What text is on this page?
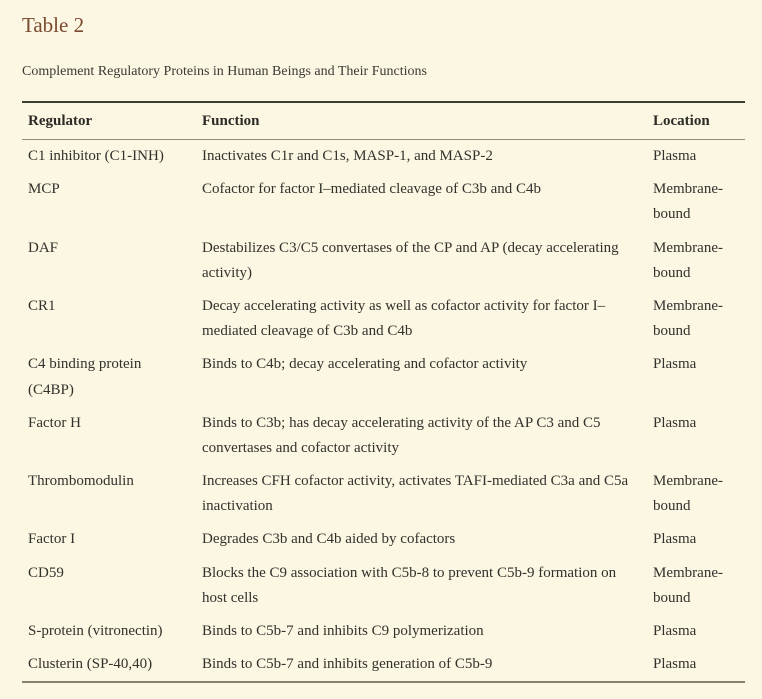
Table 2

Complement Regulatory Proteins in Human Beings and Their Functions

Regulator	Function	Location
C1 inhibitor (C1-INH)	Inactivates C1r and C1s, MASP-1, and MASP-2	Plasma
MCP	Cofactor for factor I–mediated cleavage of C3b and C4b	Membrane-bound
DAF	Destabilizes C3/C5 convertases of the CP and AP (decay accelerating activity)	Membrane-bound
CR1	Decay accelerating activity as well as cofactor activity for factor I–mediated cleavage of C3b and C4b	Membrane-bound
C4 binding protein (C4BP)	Binds to C4b; decay accelerating and cofactor activity	Plasma
Factor H	Binds to C3b; has decay accelerating activity of the AP C3 and C5 convertases and cofactor activity	Plasma
Thrombomodulin	Increases CFH cofactor activity, activates TAFI-mediated C3a and C5a inactivation	Membrane-bound
Factor I	Degrades C3b and C4b aided by cofactors	Plasma
CD59	Blocks the C9 association with C5b-8 to prevent C5b-9 formation on host cells	Membrane-bound
S-protein (vitronectin)	Binds to C5b-7 and inhibits C9 polymerization	Plasma
Clusterin (SP-40,40)	Binds to C5b-7 and inhibits generation of C5b-9	Plasma
